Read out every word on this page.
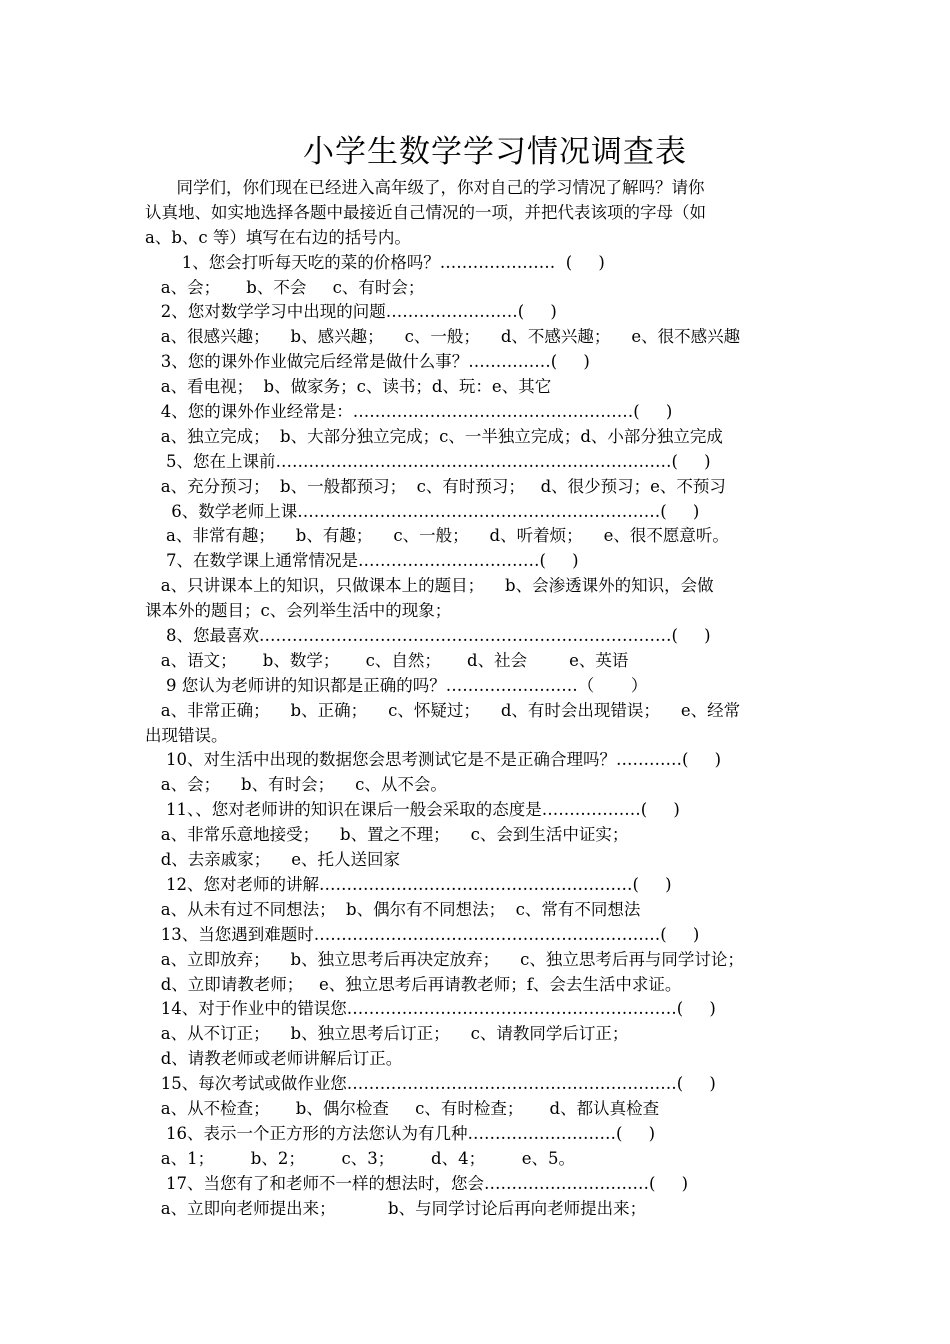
小学生数学学习情况调查表
同学们，你们现在已经进入高年级了，你对自己的学习情况了解吗？请你
认真地、如实地选择各题中最接近自己情况的一项，并把代表该项的字母（如
a、b、c 等）填写在右边的括号内。
1、您会打听每天吃的菜的价格吗？…………………  (     )
a、会；     b、不会     c、有时会；
2、您对数学学习中出现的问题……………………(     )
a、很感兴趣；    b、感兴趣；    c、一般；    d、不感兴趣；    e、很不感兴趣
3、您的课外作业做完后经常是做什么事？……………(     )
a、看电视；  b、做家务；c、读书；d、玩：e、其它
4、您的课外作业经常是：……………………………………………(     )
a、独立完成；  b、大部分独立完成；c、一半独立完成；d、小部分独立完成
5、您在上课前………………………………………………………………(     )
a、充分预习；  b、一般都预习；  c、有时预习；   d、很少预习；e、不预习
6、数学老师上课…………………………………………………………(     )
a、非常有趣；    b、有趣；    c、一般；    d、听着烦；    e、很不愿意听。
7、在数学课上通常情况是……………………………(     )
a、只讲课本上的知识，只做课本上的题目；    b、会渗透课外的知识，会做
课本外的题目；c、会列举生活中的现象；
8、您最喜欢…………………………………………………………………(     )
a、语文；     b、数学；     c、自然；     d、社会        e、英语
9 您认为老师讲的知识都是正确的吗？……………………（       ）
a、非常正确；    b、正确；    c、怀疑过；    d、有时会出现错误；    e、经常
出现错误。
10、对生活中出现的数据您会思考测试它是不是正确合理吗？…………(     )
a、会；    b、有时会；    c、从不会。
11、、您对老师讲的知识在课后一般会采取的态度是………………(     )
a、非常乐意地接受；    b、置之不理；    c、会到生活中证实；
d、去亲戚家；    e、托人送回家
12、您对老师的讲解…………………………………………………(     )
a、从未有过不同想法；  b、偶尔有不同想法；  c、常有不同想法
13、当您遇到难题时………………………………………………………(     )
a、立即放弃；    b、独立思考后再决定放弃；    c、独立思考后再与同学讨论；
d、立即请教老师；   e、独立思考后再请教老师；f、会去生活中求证。
14、对于作业中的错误您……………………………………………………(     )
a、从不订正；    b、独立思考后订正；    c、请教同学后订正；
d、请教老师或老师讲解后订正。
15、每次考试或做作业您……………………………………………………(     )
a、从不检查；     b、偶尔检查     c、有时检查；     d、都认真检查
16、表示一个正方形的方法您认为有几种………………………(     )
a、1；       b、2；       c、3；       d、4；       e、5。
17、当您有了和老师不一样的想法时，您会…………………………(     )
a、立即向老师提出来；          b、与同学讨论后再向老师提出来；
